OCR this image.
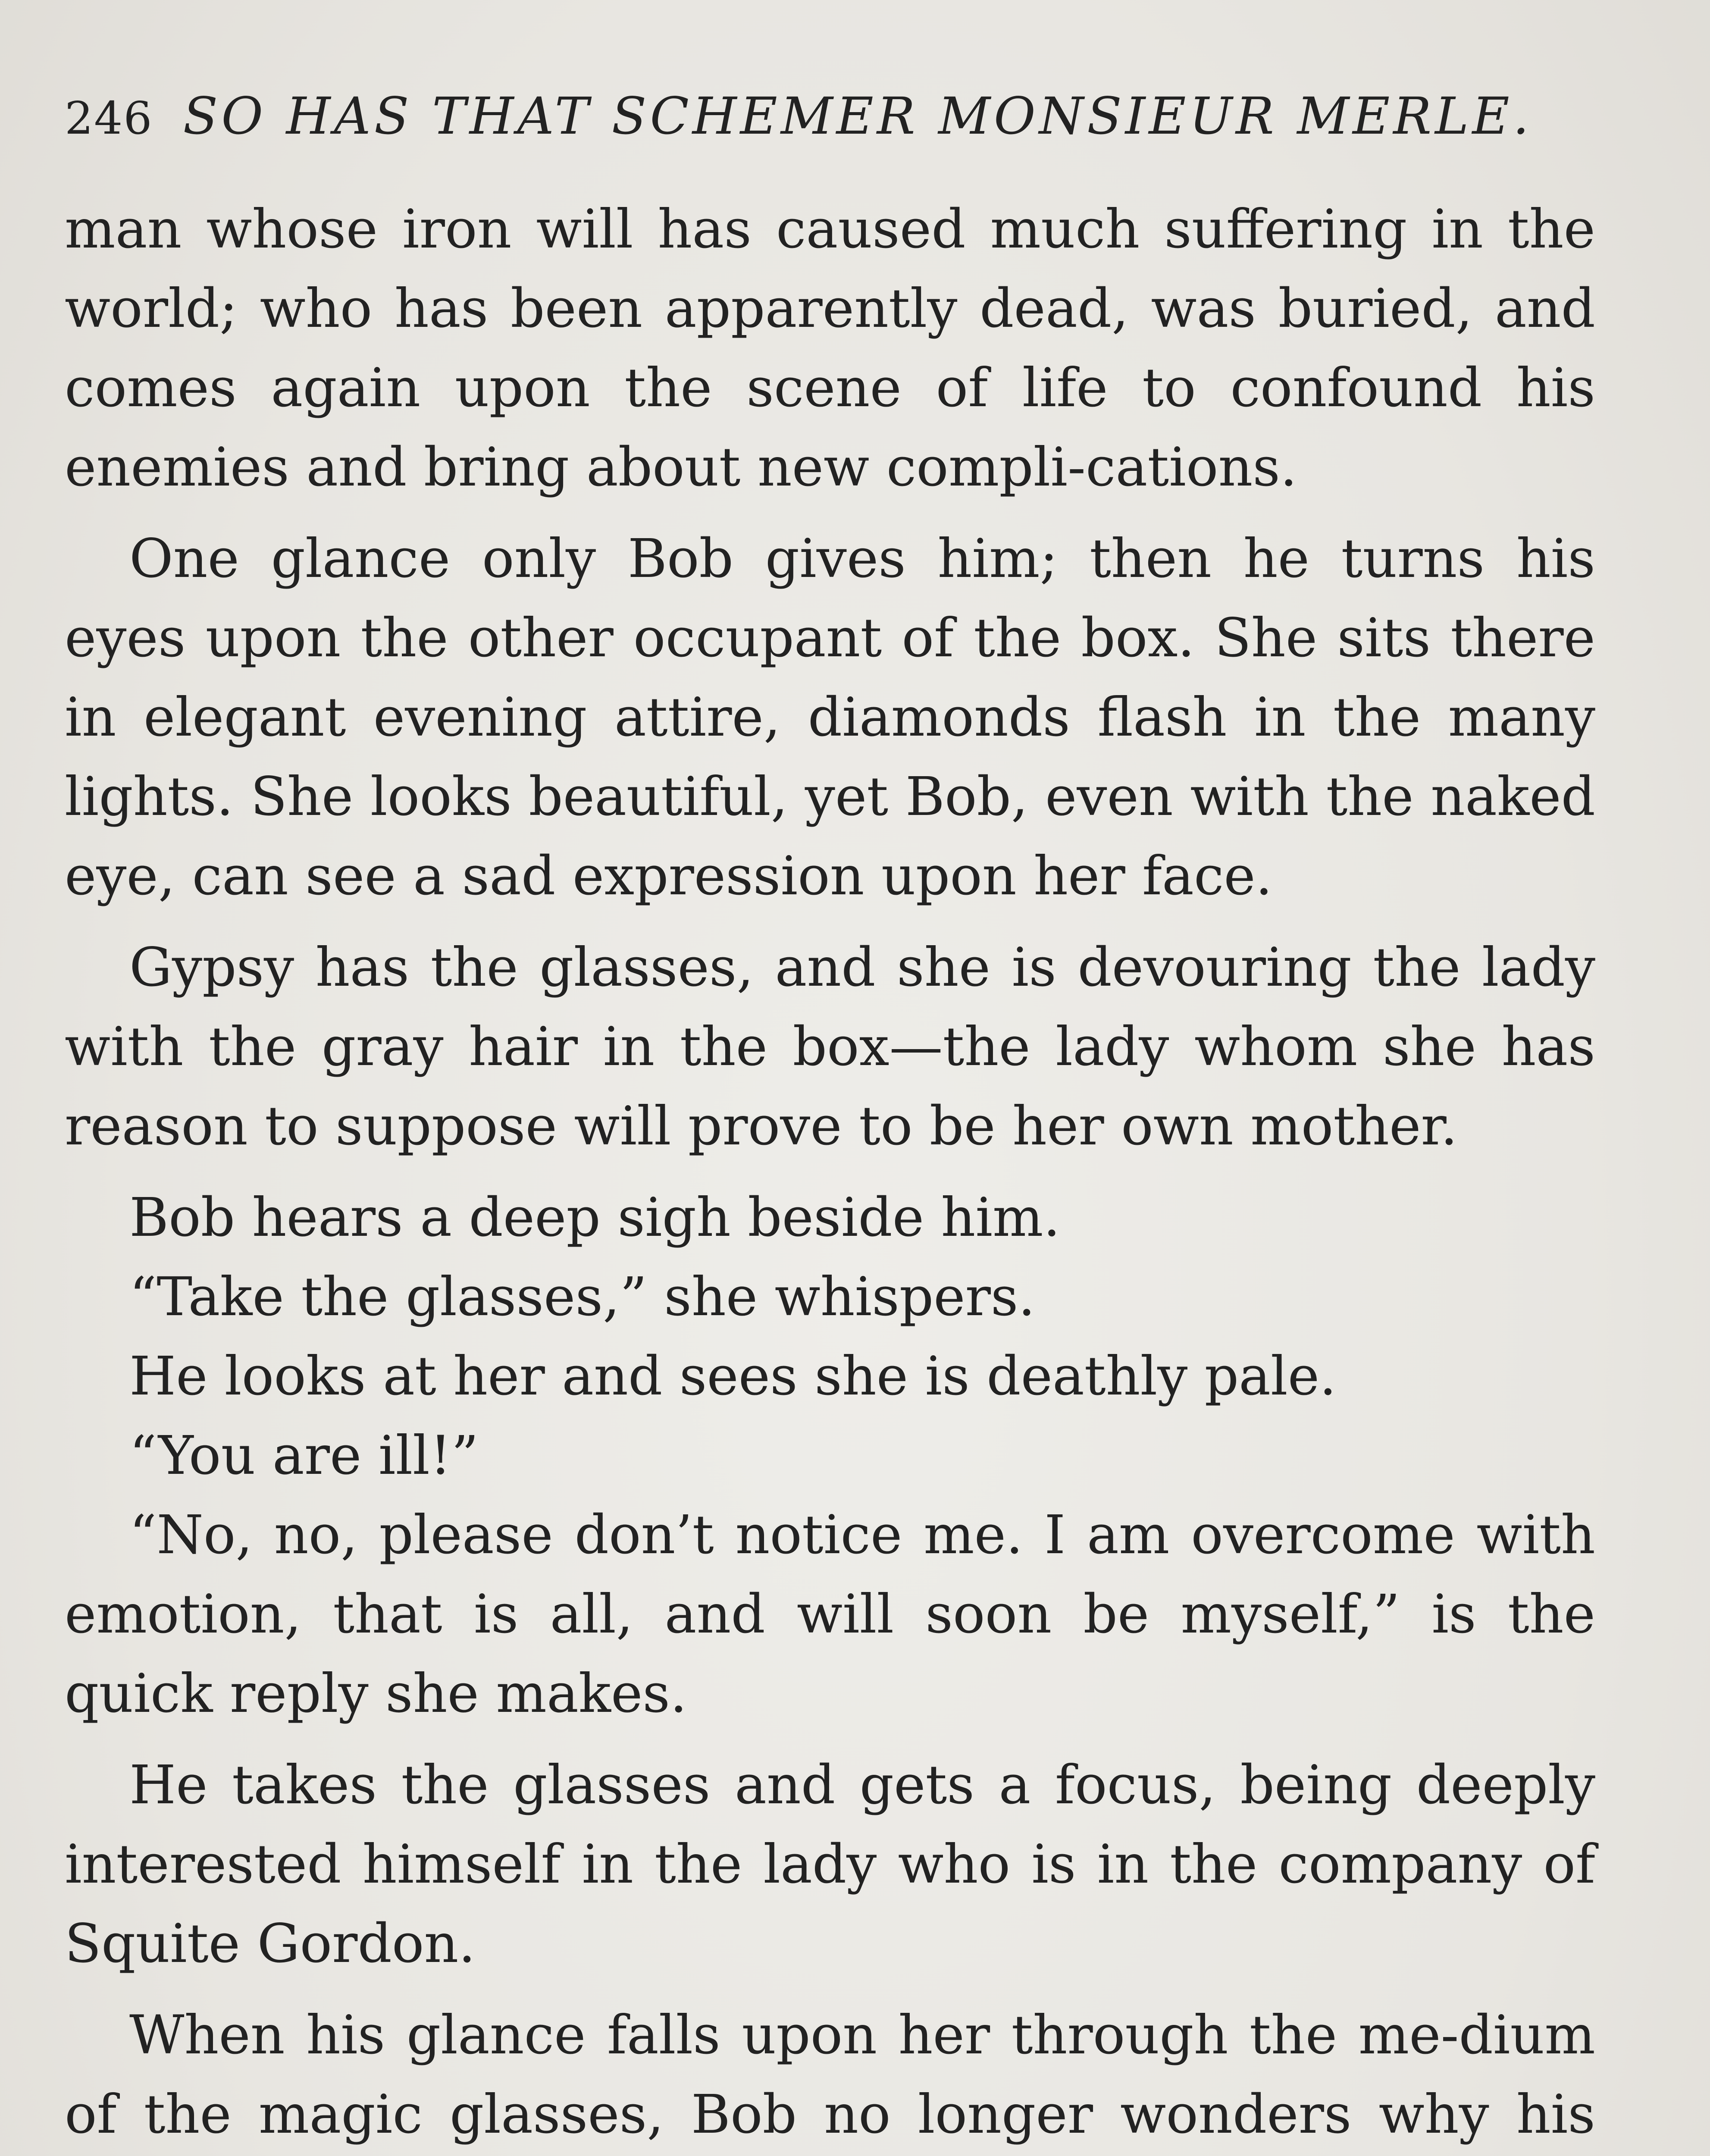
246 SO HAS THAT SCHEMER MONSIEUR MERLE.

man whose iron will has caused much suffering in the world; who has been apparently dead, was buried, and comes again upon the scene of life to confound his enemies and bring about new compli-cations.

One glance only Bob gives him; then he turns his eyes upon the other occupant of the box. She sits there in elegant evening attire, diamonds flash in the many lights. She looks beautiful, yet Bob, even with the naked eye, can see a sad expression upon her face.

Gypsy has the glasses, and she is devouring the lady with the gray hair in the box—the lady whom she has reason to suppose will prove to be her own mother.

Bob hears a deep sigh beside him.

“Take the glasses,” she whispers.

He looks at her and sees she is deathly pale.

“You are ill!”

“No, no, please don’t notice me. I am overcome with emotion, that is all, and will soon be myself,” is the quick reply she makes.

He takes the glasses and gets a focus, being deeply interested himself in the lady who is in the company of Squite Gordon.

When his glance falls upon her through the me-dium of the magic glasses, Bob no longer wonders why his
